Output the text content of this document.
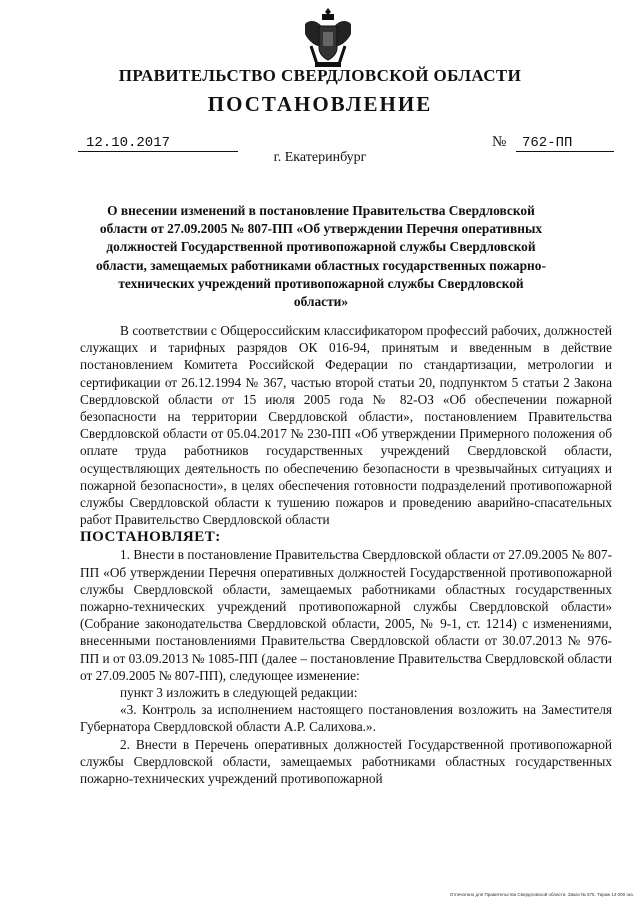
ПРАВИТЕЛЬСТВО СВЕРДЛОВСКОЙ ОБЛАСТИ
ПОСТАНОВЛЕНИЕ
12.10.2017	№ 762-ПП
г. Екатеринбург
О внесении изменений в постановление Правительства Свердловской области от 27.09.2005 № 807-ПП «Об утверждении Перечня оперативных должностей Государственной противопожарной службы Свердловской области, замещаемых работниками областных государственных пожарно-технических учреждений противопожарной службы Свердловской области»

В соответствии с Общероссийским классификатором профессий рабочих, должностей служащих и тарифных разрядов ОК 016-94, принятым и введенным в действие постановлением Комитета Российской Федерации по стандартизации, метрологии и сертификации от 26.12.1994 № 367, частью второй статьи 20, подпунктом 5 статьи 2 Закона Свердловской области от 15 июля 2005 года № 82-ОЗ «Об обеспечении пожарной безопасности на территории Свердловской области», постановлением Правительства Свердловской области от 05.04.2017 № 230-ПП «Об утверждении Примерного положения об оплате труда работников государственных учреждений Свердловской области, осуществляющих деятельность по обеспечению безопасности в чрезвычайных ситуациях и пожарной безопасности», в целях обеспечения готовности подразделений противопожарной службы Свердловской области к тушению пожаров и проведению аварийно-спасательных работ Правительство Свердловской области

ПОСТАНОВЛЯЕТ:

1. Внести в постановление Правительства Свердловской области от 27.09.2005 № 807-ПП «Об утверждении Перечня оперативных должностей Государственной противопожарной службы Свердловской области, замещаемых работниками областных государственных пожарно-технических учреждений противопожарной службы Свердловской области» (Собрание законодательства Свердловской области, 2005, № 9-1, ст. 1214) с изменениями, внесенными постановлениями Правительства Свердловской области от 30.07.2013 № 976-ПП и от 03.09.2013 № 1085-ПП (далее – постановление Правительства Свердловской области от 27.09.2005 № 807-ПП), следующее изменение:

пункт 3 изложить в следующей редакции:

«3. Контроль за исполнением настоящего постановления возложить на Заместителя Губернатора Свердловской области А.Р. Салихова.».

2. Внести в Перечень оперативных должностей Государственной противопожарной службы Свердловской области, замещаемых работниками областных государственных пожарно-технических учреждений противопожарной

Отпечатано для Правительства Свердловской области. Заказ № 575. Тираж 14 000 экз.
